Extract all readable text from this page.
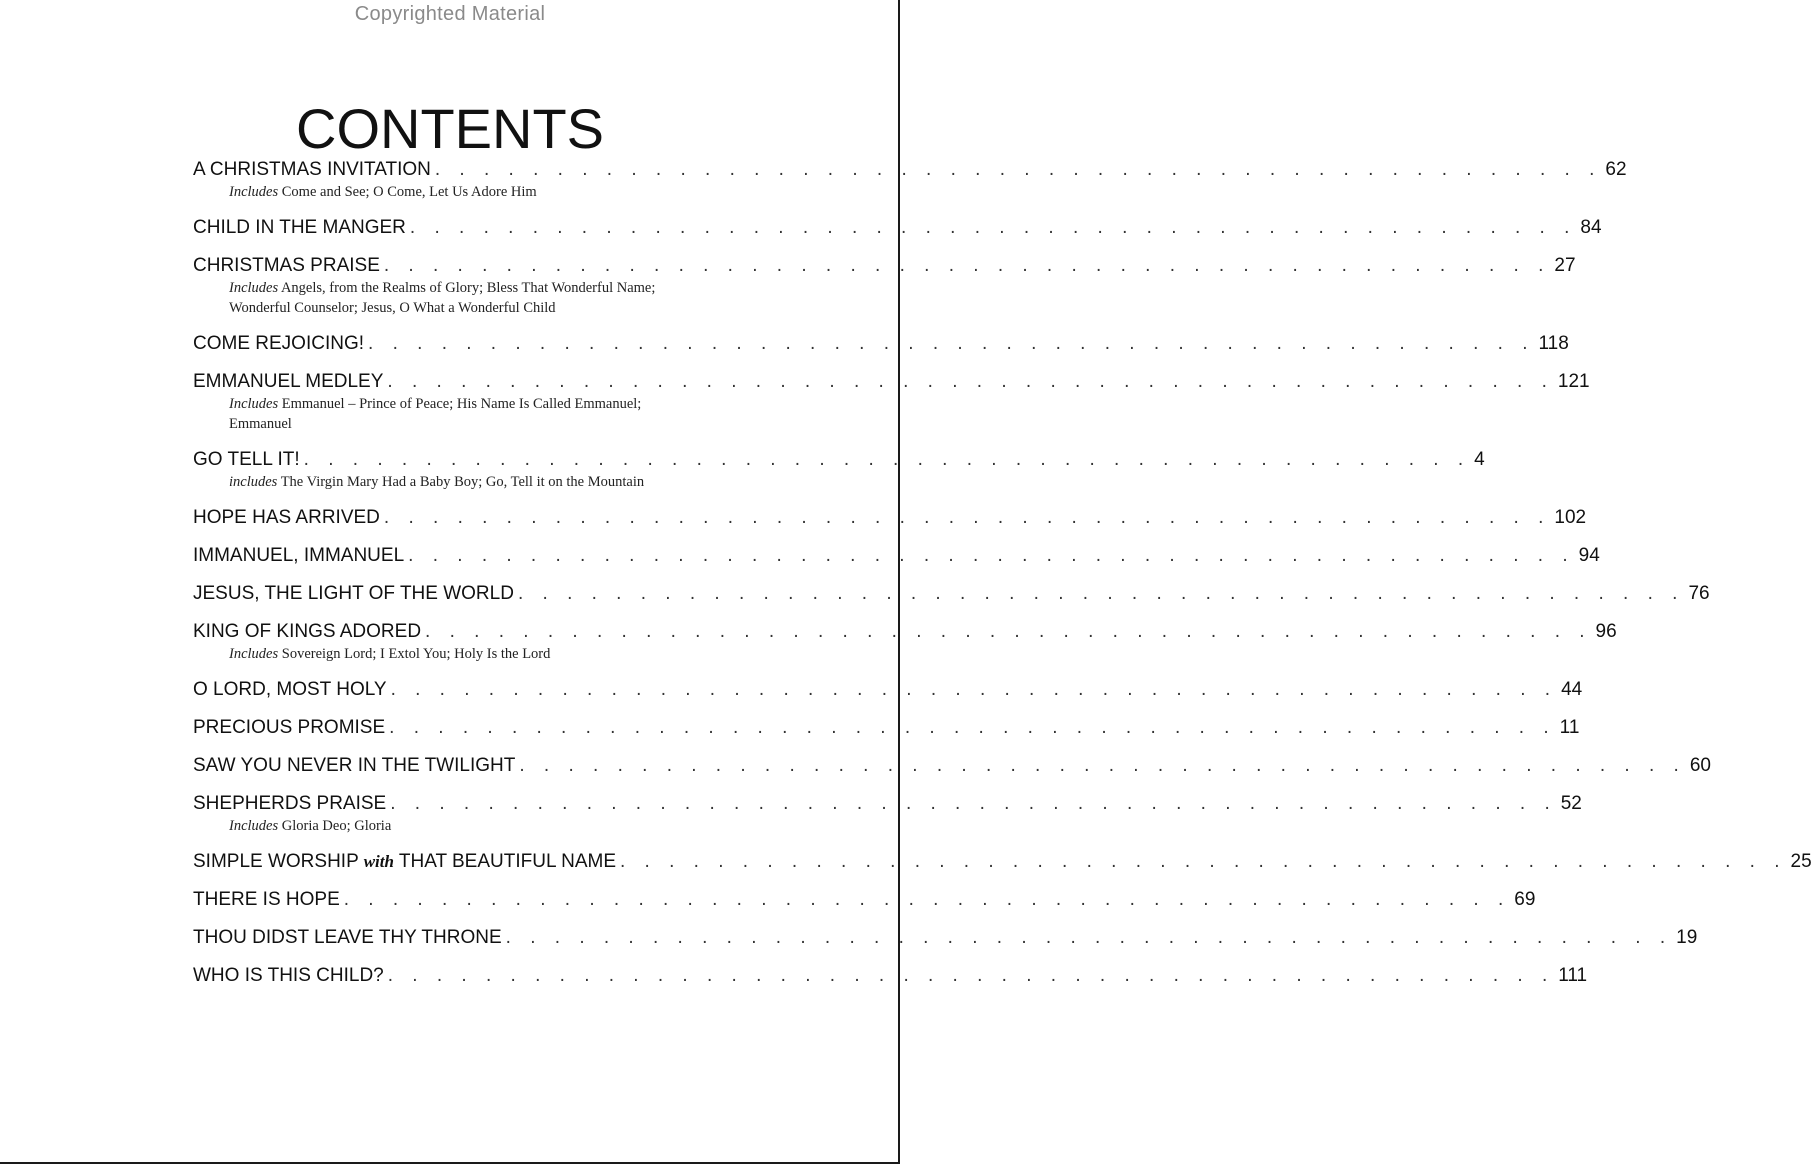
Copyrighted Material
CONTENTS
A CHRISTMAS INVITATION . . . . . . . . . . . . . . . . . . . . . . . . . . . . . . . . . . . . . . . . . . . . . . . . 62
Includes Come and See; O Come, Let Us Adore Him
CHILD IN THE MANGER . . . . . . . . . . . . . . . . . . . . . . . . . . . . . . . . . . . . . . . . . . . . . . . . 84
CHRISTMAS PRAISE . . . . . . . . . . . . . . . . . . . . . . . . . . . . . . . . . . . . . . . . . . . . . . . . 27
Includes Angels, from the Realms of Glory; Bless That Wonderful Name; Wonderful Counselor; Jesus, O What a Wonderful Child
COME REJOICING! . . . . . . . . . . . . . . . . . . . . . . . . . . . . . . . . . . . . . . . . . . . . . . . . 118
EMMANUEL MEDLEY . . . . . . . . . . . . . . . . . . . . . . . . . . . . . . . . . . . . . . . . . . . . . . . . 121
Includes Emmanuel – Prince of Peace; His Name Is Called Emmanuel; Emmanuel
GO TELL IT! . . . . . . . . . . . . . . . . . . . . . . . . . . . . . . . . . . . . . . . . . . . . . . . . 4
includes The Virgin Mary Had a Baby Boy; Go, Tell it on the Mountain
HOPE HAS ARRIVED . . . . . . . . . . . . . . . . . . . . . . . . . . . . . . . . . . . . . . . . . . . . . . . . 102
IMMANUEL, IMMANUEL . . . . . . . . . . . . . . . . . . . . . . . . . . . . . . . . . . . . . . . . . . . . . . . . 94
JESUS, THE LIGHT OF THE WORLD . . . . . . . . . . . . . . . . . . . . . . . . . . . . . . . . . . . . . . . . . . . . . . . . 76
KING OF KINGS ADORED . . . . . . . . . . . . . . . . . . . . . . . . . . . . . . . . . . . . . . . . . . . . . . . . 96
Includes Sovereign Lord; I Extol You; Holy Is the Lord
O LORD, MOST HOLY . . . . . . . . . . . . . . . . . . . . . . . . . . . . . . . . . . . . . . . . . . . . . . . . 44
PRECIOUS PROMISE . . . . . . . . . . . . . . . . . . . . . . . . . . . . . . . . . . . . . . . . . . . . . . . . 11
SAW YOU NEVER IN THE TWILIGHT . . . . . . . . . . . . . . . . . . . . . . . . . . . . . . . . . . . . . . . . . . . . . . . . 60
SHEPHERDS PRAISE . . . . . . . . . . . . . . . . . . . . . . . . . . . . . . . . . . . . . . . . . . . . . . . . 52
Includes Gloria Deo; Gloria
SIMPLE WORSHIP with THAT BEAUTIFUL NAME . . . . . . . . . . . . . . . . . . . . . . . . . . . . . . . . . . . . . . . . . . . . . . . . 25
THERE IS HOPE . . . . . . . . . . . . . . . . . . . . . . . . . . . . . . . . . . . . . . . . . . . . . . . . 69
THOU DIDST LEAVE THY THRONE . . . . . . . . . . . . . . . . . . . . . . . . . . . . . . . . . . . . . . . . . . . . . . . . 19
WHO IS THIS CHILD? . . . . . . . . . . . . . . . . . . . . . . . . . . . . . . . . . . . . . . . . . . . . . . . . 111
